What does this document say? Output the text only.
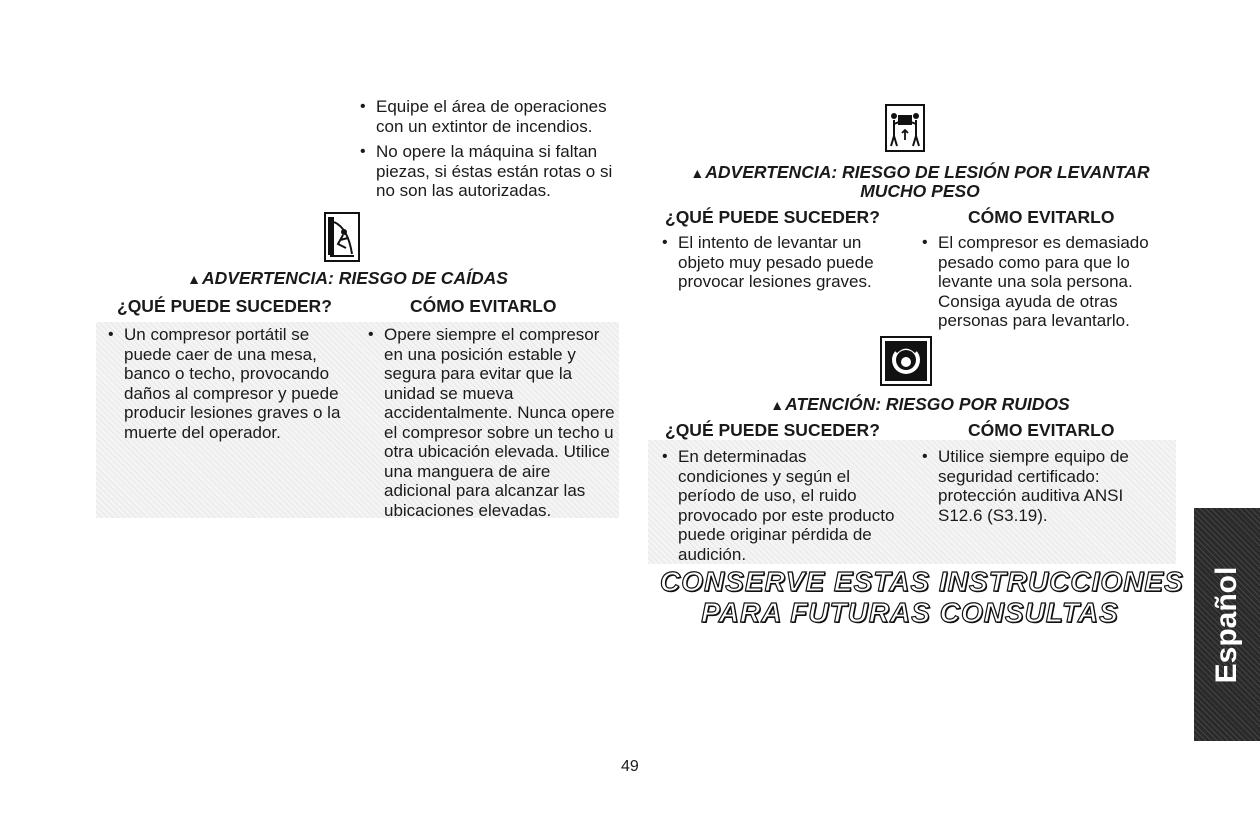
• Equipe el área de operaciones con un extintor de incendios.
• No opere la máquina si faltan piezas, si éstas están rotas o si no son las autorizadas.
▲ADVERTENCIA: RIESGO DE CAÍDAS
¿QUÉ PUEDE SUCEDER?	CÓMO EVITARLO
• Un compresor portátil se puede caer de una mesa, banco o techo, provocando daños al compresor y puede producir lesiones graves o la muerte del operador.
• Opere siempre el compresor en una posición estable y segura para evitar que la unidad se mueva accidentalmente. Nunca opere el compresor sobre un techo u otra ubicación elevada. Utilice una manguera de aire adicional para alcanzar las ubicaciones elevadas.
▲ADVERTENCIA: RIESGO DE LESIÓN POR LEVANTAR
MUCHO PESO
¿QUÉ PUEDE SUCEDER?	CÓMO EVITARLO
• El intento de levantar un objeto muy pesado puede provocar lesiones graves.
• El compresor es demasiado pesado como para que lo levante una sola persona. Consiga ayuda de otras personas para levantarlo.
▲ATENCIÓN: RIESGO POR RUIDOS
¿QUÉ PUEDE SUCEDER?	CÓMO EVITARLO
• En determinadas condiciones y según el período de uso, el ruido provocado por este producto puede originar pérdida de audición.
• Utilice siempre equipo de seguridad certificado: protección auditiva ANSI S12.6 (S3.19).
CONSERVE ESTAS INSTRUCCIONES
PARA FUTURAS CONSULTAS	Español
49
